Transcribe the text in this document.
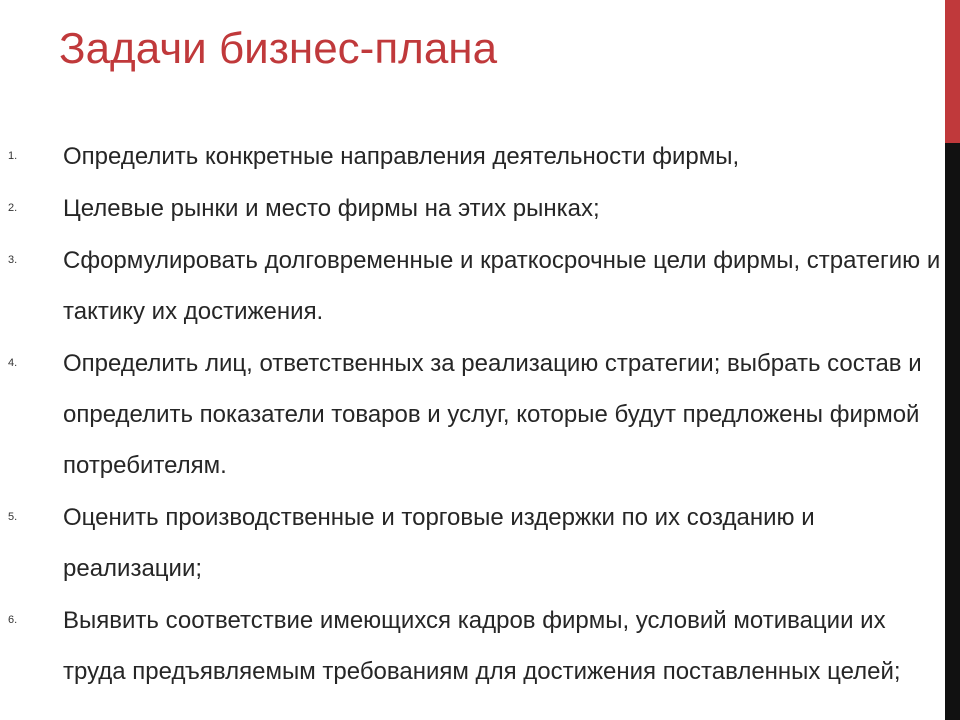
Задачи бизнес-плана
1. Определить конкретные направления деятельности фирмы,
2. Целевые рынки и место фирмы на этих рынках;
3. Сформулировать долговременные и краткосрочные цели фирмы, стратегию и тактику их достижения.
4. Определить лиц, ответственных за реализацию стратегии; выбрать состав и определить показатели товаров и услуг, которые будут предложены фирмой потребителям.
5. Оценить производственные и торговые издержки по их созданию и реализации;
6. Выявить соответствие имеющихся кадров фирмы, условий мотивации их труда предъявляемым требованиям для достижения поставленных целей;
